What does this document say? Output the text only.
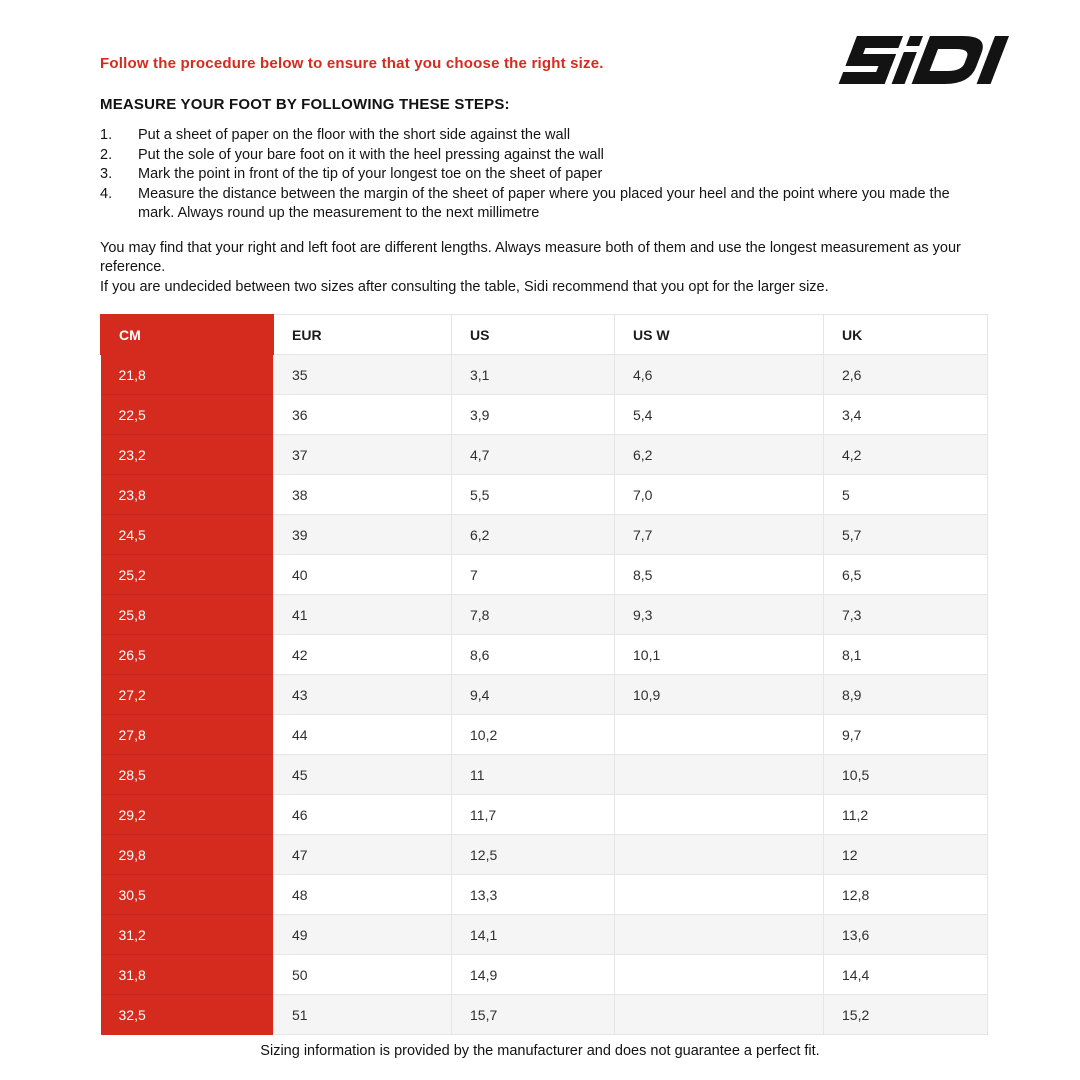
Follow the procedure below to ensure that you choose the right size.

MEASURE YOUR FOOT BY FOLLOWING THESE STEPS:
1.	Put a sheet of paper on the floor with the short side against the wall
2.	Put the sole of your bare foot on it with the heel pressing against the wall
3.	Mark the point in front of the tip of your longest toe on the sheet of paper
4.	Measure the distance between the margin of the sheet of paper where you placed your heel and the point where you made the mark. Always round up the measurement to the next millimetre

You may find that your right and left foot are different lengths. Always measure both of them and use the longest measurement as your reference.

If you are undecided between two sizes after consulting the table, Sidi recommend that you opt for the larger size.

CM	EUR	US	US W	UK
21,8	35	3,1	4,6	2,6
22,5	36	3,9	5,4	3,4
23,2	37	4,7	6,2	4,2
23,8	38	5,5	7,0	5
24,5	39	6,2	7,7	5,7
25,2	40	7	8,5	6,5
25,8	41	7,8	9,3	7,3
26,5	42	8,6	10,1	8,1
27,2	43	9,4	10,9	8,9
27,8	44	10,2		9,7
28,5	45	11		10,5
29,2	46	11,7		11,2
29,8	47	12,5		12
30,5	48	13,3		12,8
31,2	49	14,1		13,6
31,8	50	14,9		14,4
32,5	51	15,7		15,2

Sizing information is provided by the manufacturer and does not guarantee a perfect fit.
